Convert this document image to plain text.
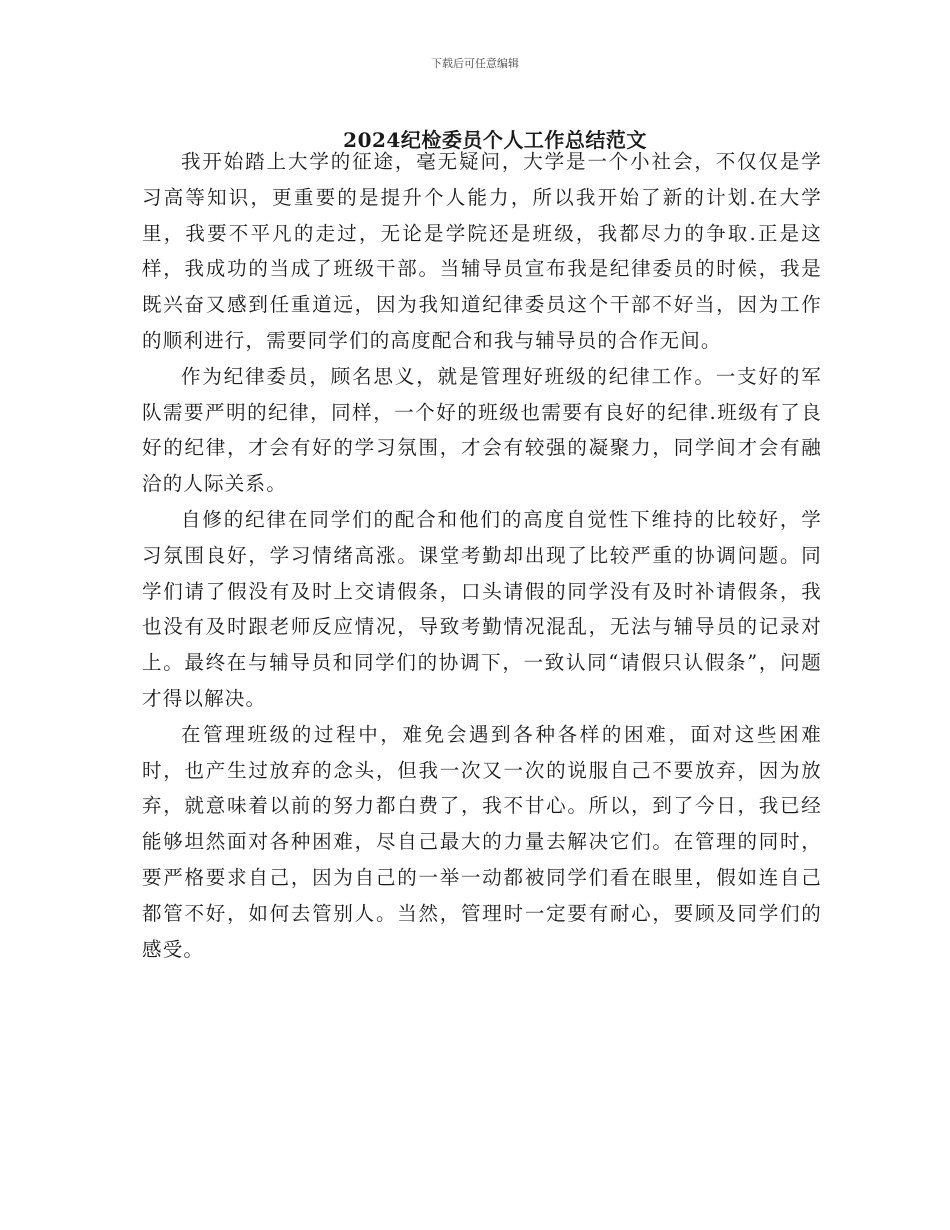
下载后可任意编辑
2024纪检委员个人工作总结范文

我开始踏上大学的征途，毫无疑问，大学是一个小社会，不仅仅是学习高等知识，更重要的是提升个人能力，所以我开始了新的计划.在大学里，我要不平凡的走过，无论是学院还是班级，我都尽力的争取.正是这样，我成功的当成了班级干部。当辅导员宣布我是纪律委员的时候，我是既兴奋又感到任重道远，因为我知道纪律委员这个干部不好当，因为工作的顺利进行，需要同学们的高度配合和我与辅导员的合作无间。

作为纪律委员，顾名思义，就是管理好班级的纪律工作。一支好的军队需要严明的纪律，同样，一个好的班级也需要有良好的纪律.班级有了良好的纪律，才会有好的学习氛围，才会有较强的凝聚力，同学间才会有融洽的人际关系。

自修的纪律在同学们的配合和他们的高度自觉性下维持的比较好，学习氛围良好，学习情绪高涨。课堂考勤却出现了比较严重的协调问题。同学们请了假没有及时上交请假条，口头请假的同学没有及时补请假条，我也没有及时跟老师反应情况，导致考勤情况混乱，无法与辅导员的记录对上。最终在与辅导员和同学们的协调下，一致认同“请假只认假条”，问题才得以解决。

在管理班级的过程中，难免会遇到各种各样的困难，面对这些困难时，也产生过放弃的念头，但我一次又一次的说服自己不要放弃，因为放弃，就意味着以前的努力都白费了，我不甘心。所以，到了今日，我已经能够坦然面对各种困难，尽自己最大的力量去解决它们。在管理的同时，要严格要求自己，因为自己的一举一动都被同学们看在眼里，假如连自己都管不好，如何去管别人。当然，管理时一定要有耐心，要顾及同学们的感受。
